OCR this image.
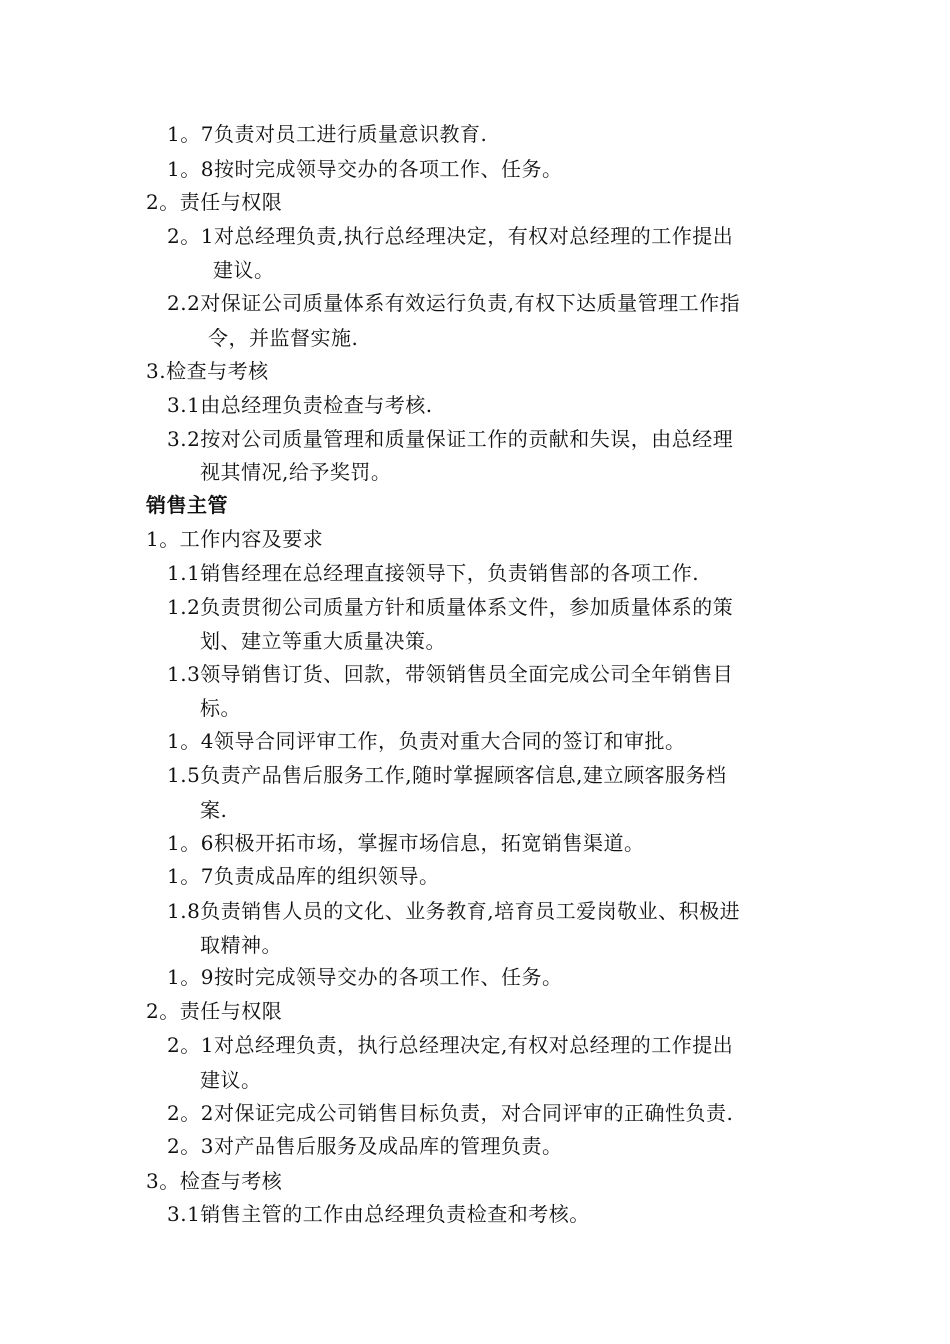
1。7负责对员工进行质量意识教育.
1。8按时完成领导交办的各项工作、任务。
2。责任与权限
2。1对总经理负责,执行总经理决定，有权对总经理的工作提出
建议。
2.2对保证公司质量体系有效运行负责,有权下达质量管理工作指
令，并监督实施.
3.检查与考核
3.1由总经理负责检查与考核.
3.2按对公司质量管理和质量保证工作的贡献和失误，由总经理
视其情况,给予奖罚。
销售主管
1。工作内容及要求
1.1销售经理在总经理直接领导下，负责销售部的各项工作.
1.2负责贯彻公司质量方针和质量体系文件，参加质量体系的策
划、建立等重大质量决策。
1.3领导销售订货、回款，带领销售员全面完成公司全年销售目
标。
1。4领导合同评审工作，负责对重大合同的签订和审批。
1.5负责产品售后服务工作,随时掌握顾客信息,建立顾客服务档
案.
1。6积极开拓市场，掌握市场信息，拓宽销售渠道。
1。7负责成品库的组织领导。
1.8负责销售人员的文化、业务教育,培育员工爱岗敬业、积极进
取精神。
1。9按时完成领导交办的各项工作、任务。
2。责任与权限
2。1对总经理负责，执行总经理决定,有权对总经理的工作提出
建议。
2。2对保证完成公司销售目标负责，对合同评审的正确性负责.
2。3对产品售后服务及成品库的管理负责。
3。检查与考核
3.1销售主管的工作由总经理负责检查和考核。
